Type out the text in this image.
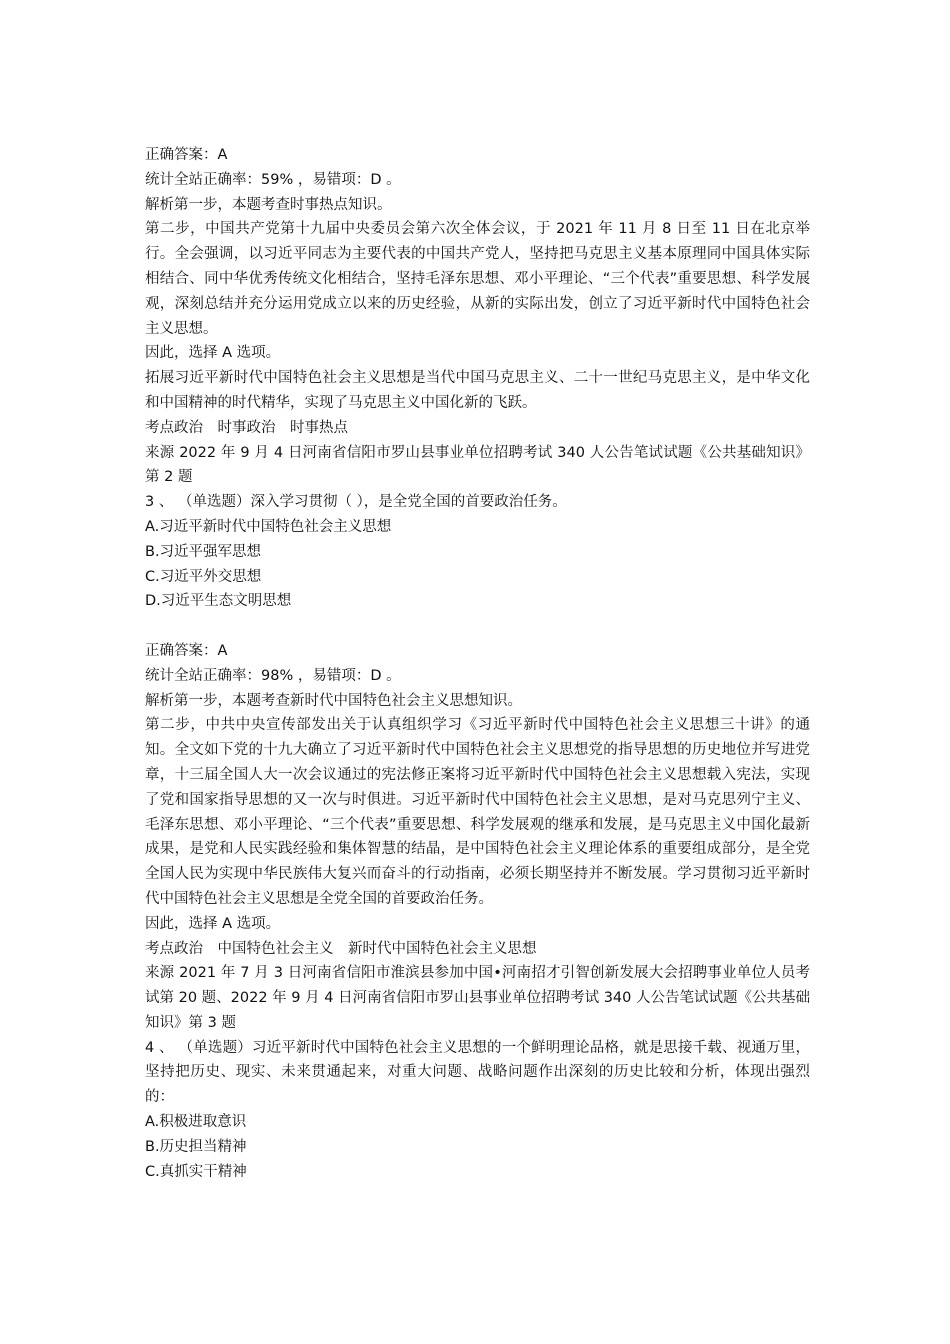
正确答案：A
统计全站正确率：59% ，易错项：D 。
解析第一步，本题考查时事热点知识。
第二步，中国共产党第十九届中央委员会第六次全体会议，于 2021 年 11 月 8 日至 11 日在北京举行。全会强调，以习近平同志为主要代表的中国共产党人，坚持把马克思主义基本原理同中国具体实际相结合、同中华优秀传统文化相结合，坚持毛泽东思想、邓小平理论、“三个代表”重要思想、科学发展观，深刻总结并充分运用党成立以来的历史经验，从新的实际出发，创立了习近平新时代中国特色社会主义思想。
因此，选择 A 选项。
拓展习近平新时代中国特色社会主义思想是当代中国马克思主义、二十一世纪马克思主义，是中华文化和中国精神的时代精华，实现了马克思主义中国化新的飞跃。
考点政治　时事政治　时事热点
来源 2022 年 9 月 4 日河南省信阳市罗山县事业单位招聘考试 340 人公告笔试试题《公共基础知识》第 2 题
3 、 （单选题）深入学习贯彻（ ），是全党全国的首要政治任务。
A.习近平新时代中国特色社会主义思想
B.习近平强军思想
C.习近平外交思想
D.习近平生态文明思想
正确答案：A
统计全站正确率：98% ，易错项：D 。
解析第一步，本题考查新时代中国特色社会主义思想知识。
第二步，中共中央宣传部发出关于认真组织学习《习近平新时代中国特色社会主义思想三十讲》的通知。全文如下党的十九大确立了习近平新时代中国特色社会主义思想党的指导思想的历史地位并写进党章，十三届全国人大一次会议通过的宪法修正案将习近平新时代中国特色社会主义思想载入宪法，实现了党和国家指导思想的又一次与时俱进。习近平新时代中国特色社会主义思想，是对马克思列宁主义、毛泽东思想、邓小平理论、“三个代表”重要思想、科学发展观的继承和发展，是马克思主义中国化最新成果，是党和人民实践经验和集体智慧的结晶，是中国特色社会主义理论体系的重要组成部分，是全党全国人民为实现中华民族伟大复兴而奋斗的行动指南，必须长期坚持并不断发展。学习贯彻习近平新时代中国特色社会主义思想是全党全国的首要政治任务。
因此，选择 A 选项。
考点政治　中国特色社会主义　新时代中国特色社会主义思想
来源 2021 年 7 月 3 日河南省信阳市淮滨县参加中国•河南招才引智创新发展大会招聘事业单位人员考试第 20 题、2022 年 9 月 4 日河南省信阳市罗山县事业单位招聘考试 340 人公告笔试试题《公共基础知识》第 3 题
4 、 （单选题）习近平新时代中国特色社会主义思想的一个鲜明理论品格，就是思接千载、视通万里，坚持把历史、现实、未来贯通起来，对重大问题、战略问题作出深刻的历史比较和分析，体现出强烈的：
A.积极进取意识
B.历史担当精神
C.真抓实干精神
